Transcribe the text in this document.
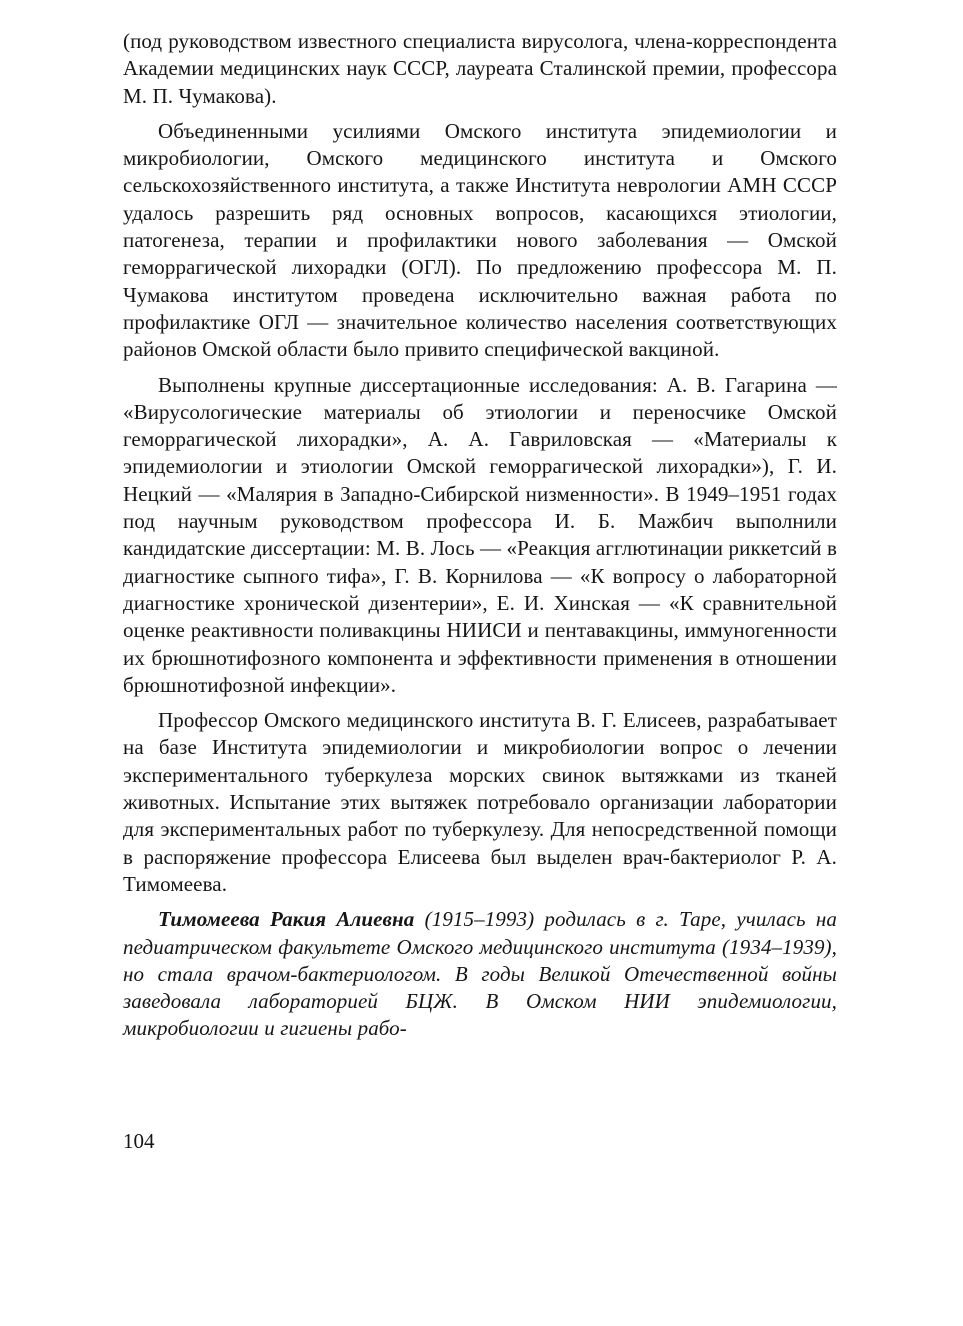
(под руководством известного специалиста вирусолога, члена-корреспондента Академии медицинских наук СССР, лауреата Сталинской премии, профессора М. П. Чумакова).

Объединенными усилиями Омского института эпидемиологии и микробиологии, Омского медицинского института и Омского сельскохозяйственного института, а также Института неврологии АМН СССР удалось разрешить ряд основных вопросов, касающихся этиологии, патогенеза, терапии и профилактики нового заболевания — Омской геморрагической лихорадки (ОГЛ). По предложению профессора М. П. Чумакова институтом проведена исключительно важная работа по профилактике ОГЛ — значительное количество населения соответствующих районов Омской области было привито специфической вакциной.

Выполнены крупные диссертационные исследования: А. В. Гагарина — «Вирусологические материалы об этиологии и переносчике Омской геморрагической лихорадки», А. А. Гавриловская — «Материалы к эпидемиологии и этиологии Омской геморрагической лихорадки»), Г. И. Нецкий — «Малярия в Западно-Сибирской низменности». В 1949–1951 годах под научным руководством профессора И. Б. Мажбич выполнили кандидатские диссертации: М. В. Лось — «Реакция агглютинации риккетсий в диагностике сыпного тифа», Г. В. Корнилова — «К вопросу о лабораторной диагностике хронической дизентерии», Е. И. Хинская — «К сравнительной оценке реактивности поливакцины НИИСИ и пентавакцины, иммуногенности их брюшнотифозного компонента и эффективности применения в отношении брюшнотифозной инфекции».

Профессор Омского медицинского института В. Г. Елисеев, разрабатывает на базе Института эпидемиологии и микробиологии вопрос о лечении экспериментального туберкулеза морских свинок вытяжками из тканей животных. Испытание этих вытяжек потребовало организации лаборатории для экспериментальных работ по туберкулезу. Для непосредственной помощи в распоряжение профессора Елисеева был выделен врач-бактериолог Р. А. Тимомеева.

Тимомеева Ракия Алиевна (1915–1993) родилась в г. Таре, училась на педиатрическом факультете Омского медицинского института (1934–1939), но стала врачом-бактериологом. В годы Великой Отечественной войны заведовала лабораторией БЦЖ. В Омском НИИ эпидемиологии, микробиологии и гигиены рабо-

104
